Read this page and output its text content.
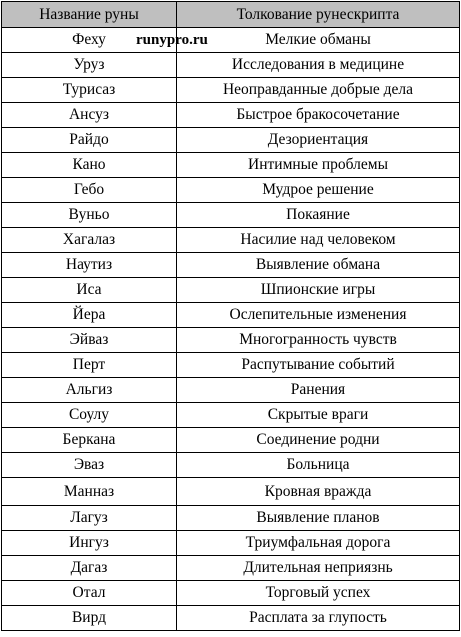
Название руны	Толкование рунескрипта
Феху	Мелкие обманы
Уруз	Исследования в медицине
Турисаз	Неоправданные добрые дела
Ансуз	Быстрое бракосочетание
Райдо	Дезориентация
Кано	Интимные проблемы
Гебо	Мудрое решение
Вуньо	Покаяние
Хагалаз	Насилие над человеком
Наутиз	Выявление обмана
Иса	Шпионские игры
Йера	Ослепительные изменения
Эйваз	Многогранность чувств
Перт	Распутывание событий
Альгиз	Ранения
Соулу	Скрытые враги
Беркана	Соединение родни
Эваз	Больница
Манназ	Кровная вражда
Лагуз	Выявление планов
Ингуз	Триумфальная дорога
Дагаз	Длительная неприязнь
Отал	Торговый успех
Вирд	Расплата за глупость
runypro.ru
